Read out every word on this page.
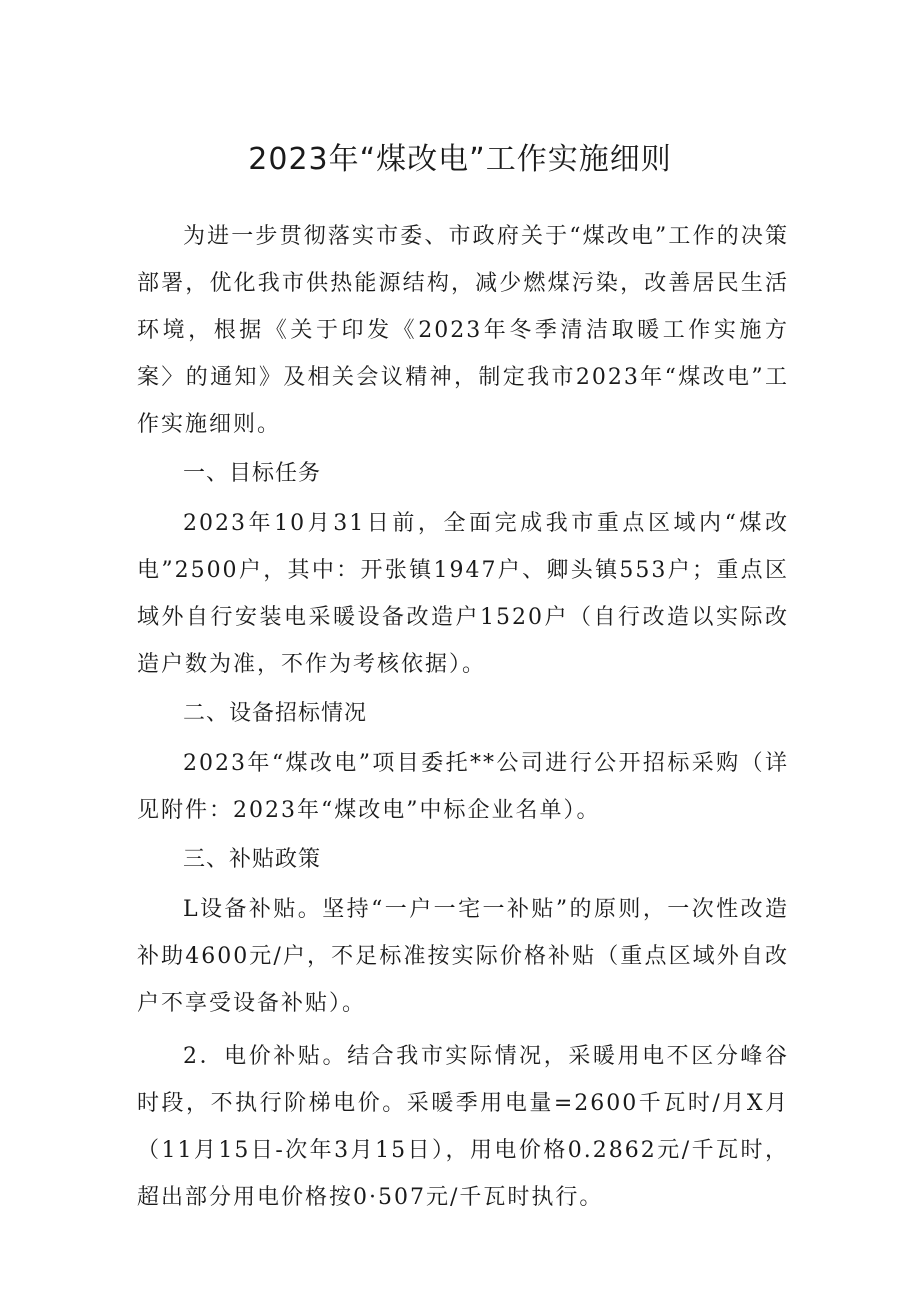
2023年“煤改电”工作实施细则

为进一步贯彻落实市委、市政府关于“煤改电”工作的决策部署，优化我市供热能源结构，减少燃煤污染，改善居民生活环境，根据《关于印发《2023年冬季清洁取暖工作实施方案〉的通知》及相关会议精神，制定我市2023年“煤改电”工作实施细则。

一、目标任务

2023年10月31日前，全面完成我市重点区域内“煤改电”2500户，其中：开张镇1947户、卿头镇553户；重点区域外自行安装电采暖设备改造户1520户（自行改造以实际改造户数为准，不作为考核依据）。

二、设备招标情况

2023年“煤改电”项目委托**公司进行公开招标采购（详见附件：2023年“煤改电”中标企业名单）。

三、补贴政策

L设备补贴。坚持“一户一宅一补贴”的原则，一次性改造补助4600元/户，不足标准按实际价格补贴（重点区域外自改户不享受设备补贴）。

2．电价补贴。结合我市实际情况，采暖用电不区分峰谷时段，不执行阶梯电价。采暖季用电量=2600千瓦时/月X月（11月15日-次年3月15日），用电价格0.2862元/千瓦时，超出部分用电价格按0·507元/千瓦时执行。
